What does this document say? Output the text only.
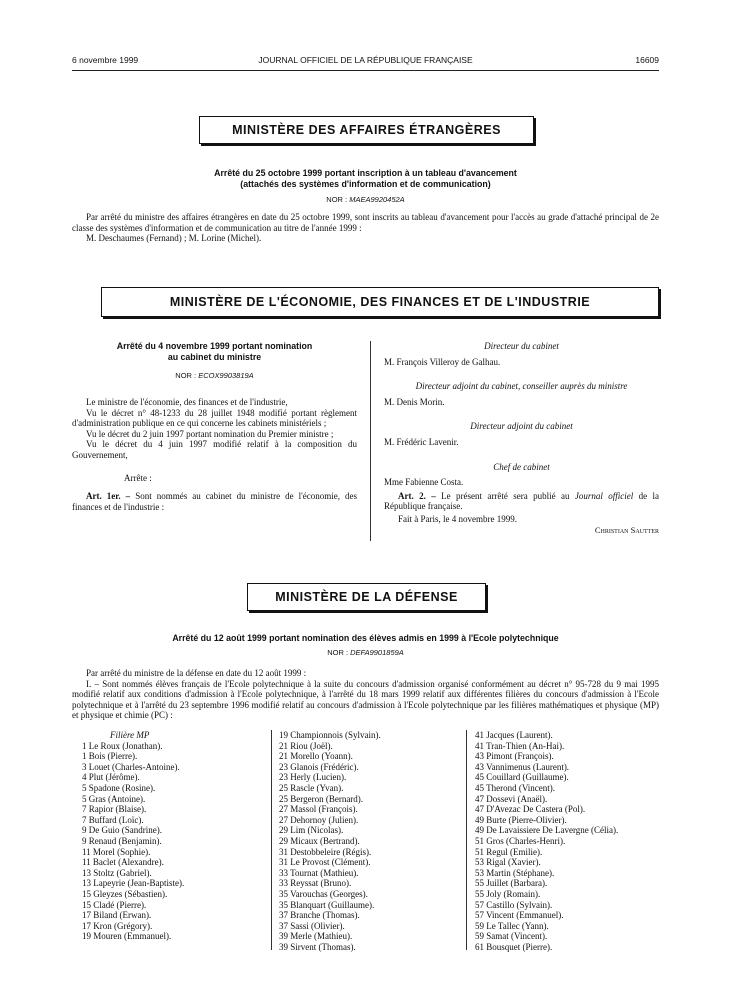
6 novembre 1999	JOURNAL OFFICIEL DE LA RÉPUBLIQUE FRANÇAISE	16609
MINISTÈRE DES AFFAIRES ÉTRANGÈRES
Arrêté du 25 octobre 1999 portant inscription à un tableau d'avancement
(attachés des systèmes d'information et de communication)
NOR : MAEA9920452A

Par arrêté du ministre des affaires étrangères en date du 25 octobre 1999, sont inscrits au tableau d'avancement pour l'accès au grade d'attaché principal de 2e classe des systèmes d'information et de communication au titre de l'année 1999 :

M. Deschaumes (Fernand) ; M. Lorine (Michel).

MINISTÈRE DE L'ÉCONOMIE, DES FINANCES ET DE L'INDUSTRIE
Arrêté du 4 novembre 1999 portant nomination
au cabinet du ministre
NOR : ECOX9903819A

Le ministre de l'économie, des finances et de l'industrie,

Vu le décret n° 48-1233 du 28 juillet 1948 modifié portant règlement d'administration publique en ce qui concerne les cabinets ministériels ;

Vu le décret du 2 juin 1997 portant nomination du Premier ministre ;

Vu le décret du 4 juin 1997 modifié relatif à la composition du Gouvernement,

Arrête :

Art. 1er. – Sont nommés au cabinet du ministre de l'économie, des finances et de l'industrie :

Directeur du cabinet

M. François Villeroy de Galhau.

Directeur adjoint du cabinet, conseiller auprès du ministre

M. Denis Morin.

Directeur adjoint du cabinet

M. Frédéric Lavenir.

Chef de cabinet

Mme Fabienne Costa.

Art. 2. – Le présent arrêté sera publié au Journal officiel de la République française.

Fait à Paris, le 4 novembre 1999.

Christian Sautter

MINISTÈRE DE LA DÉFENSE
Arrêté du 12 août 1999 portant nomination des élèves admis en 1999 à l'Ecole polytechnique
NOR : DEFA9901859A

Par arrêté du ministre de la défense en date du 12 août 1999 :

I. – Sont nommés élèves français de l'Ecole polytechnique à la suite du concours d'admission organisé conformément au décret n° 95-728 du 9 mai 1995 modifié relatif aux conditions d'admission à l'Ecole polytechnique, à l'arrêté du 18 mars 1999 relatif aux différentes filières du concours d'admission à l'Ecole polytechnique et à l'arrêté du 23 septembre 1996 modifié relatif au concours d'admission à l'Ecole polytechnique par les filières mathématiques et physique (MP) et physique et chimie (PC) :

Filière MP
1 Le Roux (Jonathan).
1 Bois (Pierre).
3 Louet (Charles-Antoine).
4 Plut (Jérôme).
5 Spadone (Rosine).
5 Gras (Antoine).
7 Rapior (Blaise).
7 Buffard (Loïc).
9 De Guio (Sandrine).
9 Renaud (Benjamin).
11 Morel (Sophie).
11 Baclet (Alexandre).
13 Stoltz (Gabriel).
13 Lapeyrie (Jean-Baptiste).
15 Gleyzes (Sébastien).
15 Cladé (Pierre).
17 Biland (Erwan).
17 Kron (Grégory).
19 Mouren (Emmanuel).
19 Championnois (Sylvain).
21 Riou (Joël).
21 Morello (Yoann).
23 Glanois (Frédéric).
23 Herly (Lucien).
25 Rascle (Yvan).
25 Bergeron (Bernard).
27 Massol (François).
27 Dehornoy (Julien).
29 Lim (Nicolas).
29 Micaux (Bertrand).
31 Destobbeleire (Régis).
31 Le Provost (Clément).
33 Tournat (Mathieu).
33 Reyssat (Bruno).
35 Varouchas (Georges).
35 Blanquart (Guillaume).
37 Branche (Thomas).
37 Sassi (Olivier).
39 Merle (Mathieu).
39 Sirvent (Thomas).
41 Jacques (Laurent).
41 Tran-Thien (An-Hai).
43 Pimont (François).
43 Vannimenus (Laurent).
45 Couillard (Guillaume).
45 Therond (Vincent).
47 Dossevi (Anaël).
47 D'Avezac De Castera (Pol).
49 Burte (Pierre-Olivier).
49 De Lavaissiere De Lavergne (Célia).
51 Gros (Charles-Henri).
51 Regul (Emilie).
53 Rigal (Xavier).
53 Martin (Stéphane).
55 Juillet (Barbara).
55 Joly (Romain).
57 Castillo (Sylvain).
57 Vincent (Emmanuel).
59 Le Tallec (Yann).
59 Samat (Vincent).
61 Bousquet (Pierre).
